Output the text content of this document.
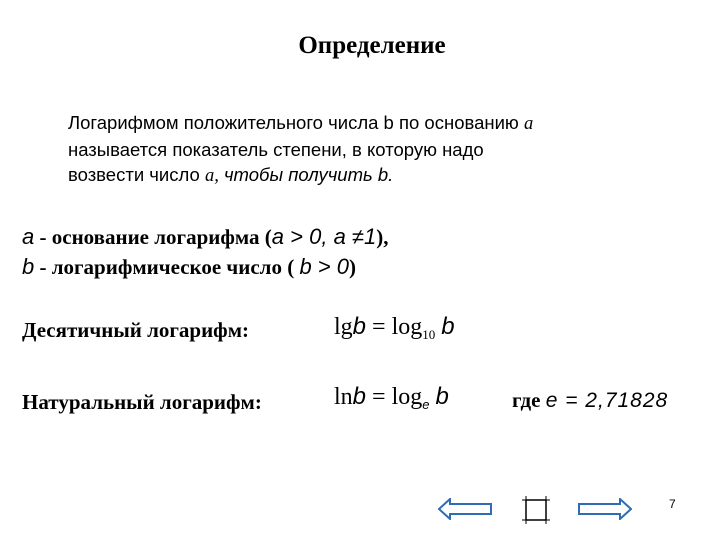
Определение
Логарифмом положительного числа b по основанию a
называется показатель степени, в которую надо
возвести число a, чтобы получить b.
a - основание логарифма (a > 0, a ≠1),
b - логарифмическое число ( b > 0)
Десятичный логарифм:	$\lg b = \log_{10} b$
Натуральный логарифм:	$\ln b = \log_e b$	где e = 2,71828
7
